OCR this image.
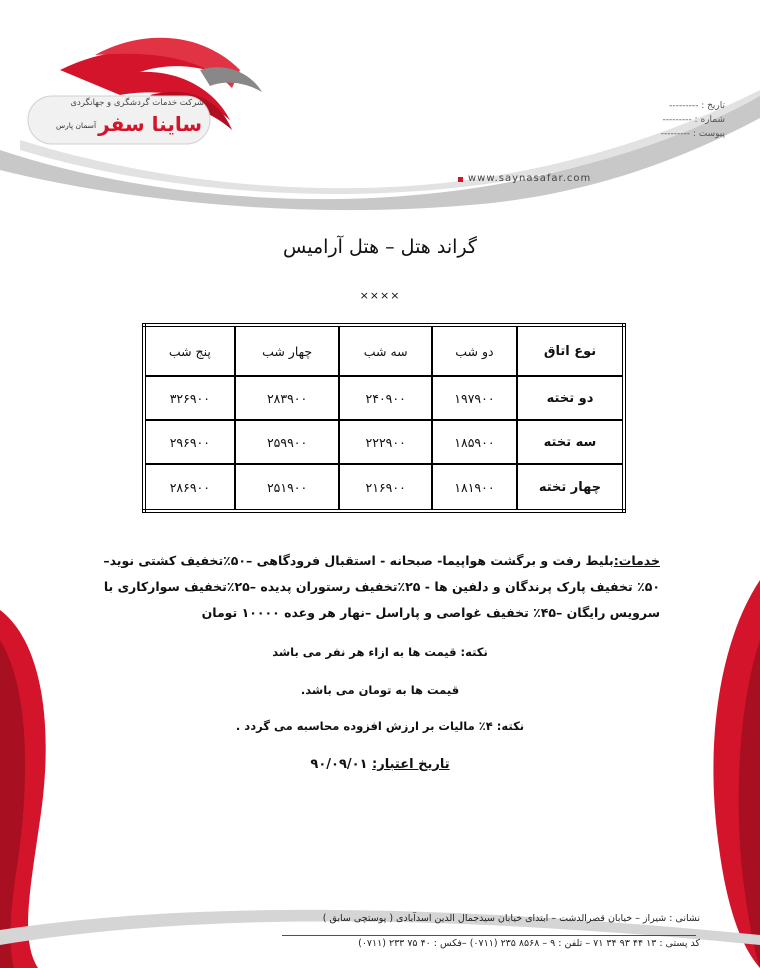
شرکت خدمات گردشگری و جهانگردی
ساینا سفر
آسمان پارس
تاریخ : ---------
شماره : ---------
پیوست : ---------
www.saynasafar.com
گراند هتل – هتل آرامیس
××××
نوع اتاق	دو شب	سه شب	چهار شب	پنج شب
دو تخته	۱۹۷۹۰۰	۲۴۰۹۰۰	۲۸۳۹۰۰	۳۲۶۹۰۰
سه تخته	۱۸۵۹۰۰	۲۲۲۹۰۰	۲۵۹۹۰۰	۲۹۶۹۰۰
چهار تخته	۱۸۱۹۰۰	۲۱۶۹۰۰	۲۵۱۹۰۰	۲۸۶۹۰۰
خدمات:بلیط رفت و برگشت هواپیما- صبحانه - استقبال فرودگاهی –۵۰٪تخفیف کشتی نوید–۵۰٪ تخفیف پارک پرندگان و دلفین ها - ۲۵٪تخفیف رستوران پدیده –۲۵٪تخفیف سوارکاری با سرویس رایگان –۴۵٪ تخفیف غواصی و پاراسل –نهار هر وعده ۱۰۰۰۰ تومان
نکته: قیمت ها به ازاء هر نفر می باشد
قیمت ها به تومان می باشد.
نکته: ۴٪ مالیات بر ارزش افزوده محاسبه می گردد .
تاریخ اعتبار: ۹۰/۰۹/۰۱
نشانی : شیراز – خیابان قصرالدشت – ابتدای خیابان سیدجمال الدین اسدآبادی ( پوستچی سابق )
کد پستی : ۱۳ ۴۴ ۹۳ ۳۴ ۷۱ – تلفن : ۹ – ۸۵۶۸ ۲۳۵ (۰۷۱۱) –فکس : ۴۰ ۷۵ ۲۳۳ (۰۷۱۱)
